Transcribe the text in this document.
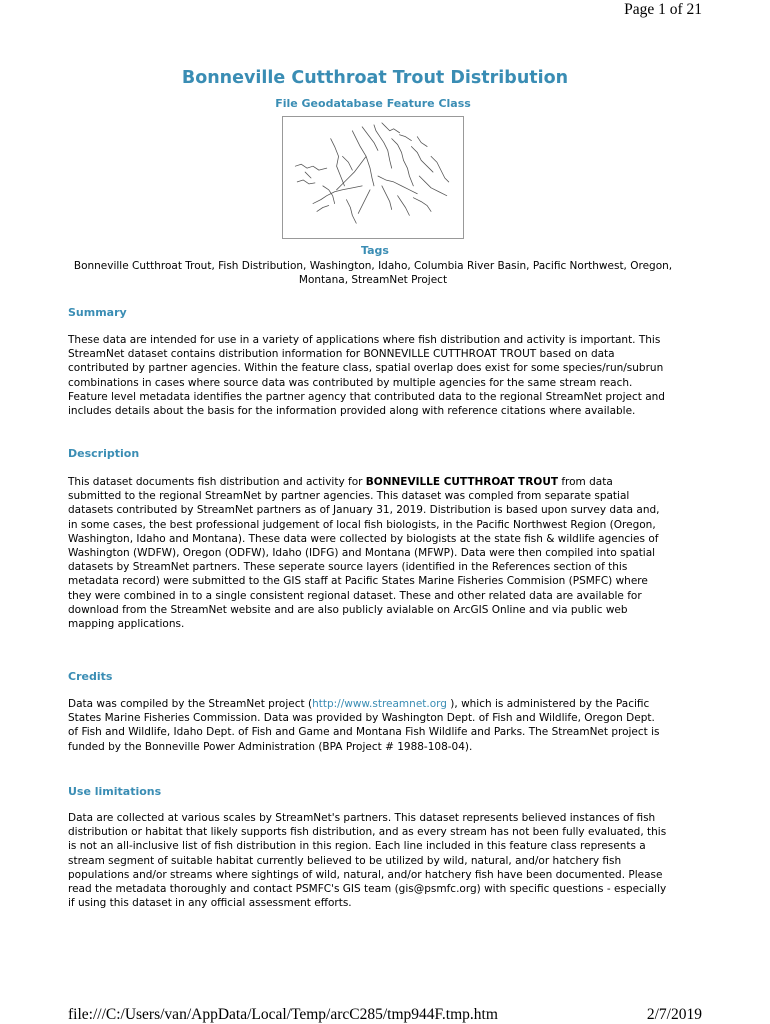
Page 1 of 21
Bonneville Cutthroat Trout Distribution
File Geodatabase Feature Class
Tags
Bonneville Cutthroat Trout, Fish Distribution, Washington, Idaho, Columbia River Basin, Pacific Northwest, Oregon, Montana, StreamNet Project
Summary
These data are intended for use in a variety of applications where fish distribution and activity is important. This StreamNet dataset contains distribution information for BONNEVILLE CUTTHROAT TROUT based on data contributed by partner agencies. Within the feature class, spatial overlap does exist for some species/run/subrun combinations in cases where source data was contributed by multiple agencies for the same stream reach. Feature level metadata identifies the partner agency that contributed data to the regional StreamNet project and includes details about the basis for the information provided along with reference citations where available.
Description
This dataset documents fish distribution and activity for BONNEVILLE CUTTHROAT TROUT from data submitted to the regional StreamNet by partner agencies. This dataset was compled from separate spatial datasets contributed by StreamNet partners as of January 31, 2019. Distribution is based upon survey data and, in some cases, the best professional judgement of local fish biologists, in the Pacific Northwest Region (Oregon, Washington, Idaho and Montana). These data were collected by biologists at the state fish & wildlife agencies of Washington (WDFW), Oregon (ODFW), Idaho (IDFG) and Montana (MFWP). Data were then compiled into spatial datasets by StreamNet partners. These seperate source layers (identified in the References section of this metadata record) were submitted to the GIS staff at Pacific States Marine Fisheries Commision (PSMFC) where they were combined in to a single consistent regional dataset. These and other related data are available for download from the StreamNet website and are also publicly avialable on ArcGIS Online and via public web mapping applications.
Credits
Data was compiled by the StreamNet project (http://www.streamnet.org ), which is administered by the Pacific States Marine Fisheries Commission. Data was provided by Washington Dept. of Fish and Wildlife, Oregon Dept. of Fish and Wildlife, Idaho Dept. of Fish and Game and Montana Fish Wildlife and Parks. The StreamNet project is funded by the Bonneville Power Administration (BPA Project # 1988-108-04).
Use limitations
Data are collected at various scales by StreamNet's partners. This dataset represents believed instances of fish distribution or habitat that likely supports fish distribution, and as every stream has not been fully evaluated, this is not an all-inclusive list of fish distribution in this region. Each line included in this feature class represents a stream segment of suitable habitat currently believed to be utilized by wild, natural, and/or hatchery fish populations and/or streams where sightings of wild, natural, and/or hatchery fish have been documented. Please read the metadata thoroughly and contact PSMFC's GIS team (gis@psmfc.org) with specific questions - especially if using this dataset in any official assessment efforts.
file:///C:/Users/van/AppData/Local/Temp/arcC285/tmp944F.tmp.htm	2/7/2019
